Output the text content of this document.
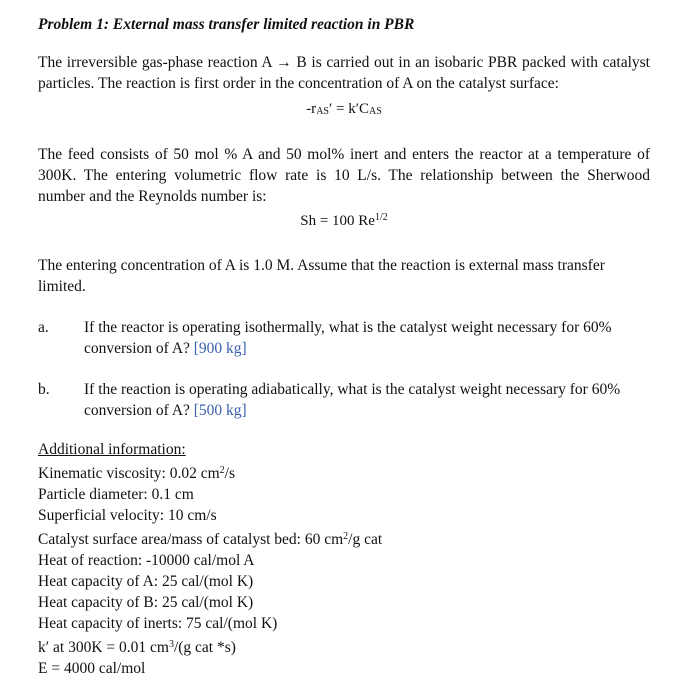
Problem 1: External mass transfer limited reaction in PBR

The irreversible gas-phase reaction A → B is carried out in an isobaric PBR packed with catalyst particles. The reaction is first order in the concentration of A on the catalyst surface:

-rAS′ = k′CAS

The feed consists of 50 mol % A and 50 mol% inert and enters the reactor at a temperature of 300K. The entering volumetric flow rate is 10 L/s. The relationship between the Sherwood number and the Reynolds number is:

Sh = 100 $Re^{1/2}$

The entering concentration of A is 1.0 M. Assume that the reaction is external mass transfer limited.

a.	If the reactor is operating isothermally, what is the catalyst weight necessary for 60% conversion of A? [900 kg]
b.	If the reaction is operating adiabatically, what is the catalyst weight necessary for 60% conversion of A? [500 kg]

Additional information:

Kinematic viscosity: 0.02 $cm^2/s$

Particle diameter: 0.1 cm

Superficial velocity: 10 cm/s

Catalyst surface area/mass of catalyst bed: 60 $cm^2/g$ cat

Heat of reaction: -10000 cal/mol A

Heat capacity of A: 25 cal/(mol K)

Heat capacity of B: 25 cal/(mol K)

Heat capacity of inerts: 75 cal/(mol K)

k′ at 300K = 0.01 $cm^3/(g$ cat *s)

E = 4000 cal/mol
